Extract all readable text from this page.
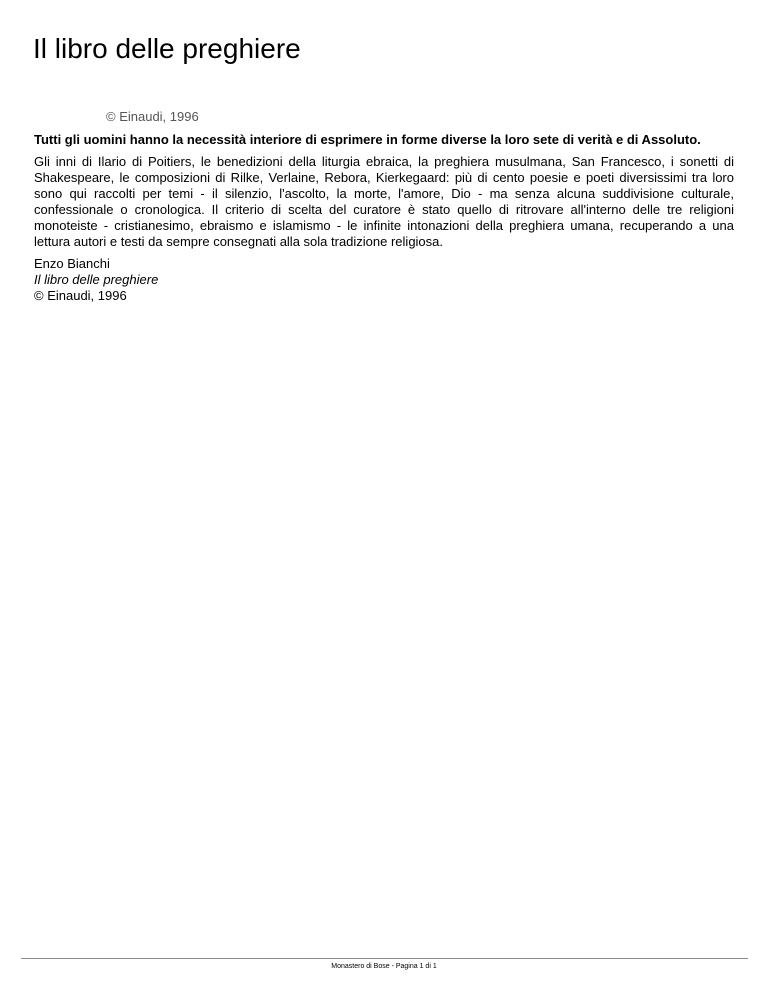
Il libro delle preghiere
© Einaudi, 1996

Tutti gli uomini hanno la necessità interiore di esprimere in forme diverse la loro sete di verità e di Assoluto.

Gli inni di Ilario di Poitiers, le benedizioni della liturgia ebraica, la preghiera musulmana, San Francesco, i sonetti di Shakespeare, le composizioni di Rilke, Verlaine, Rebora, Kierkegaard: più di cento poesie e poeti diversissimi tra loro sono qui raccolti per temi - il silenzio, l'ascolto, la morte, l'amore, Dio - ma senza alcuna suddivisione culturale, confessionale o cronologica. Il criterio di scelta del curatore è stato quello di ritrovare all'interno delle tre religioni monoteiste - cristianesimo, ebraismo e islamismo - le infinite intonazioni della preghiera umana, recuperando a una lettura autori e testi da sempre consegnati alla sola tradizione religiosa.

Enzo Bianchi
Il libro delle preghiere
© Einaudi, 1996
Monastero di Bose - Pagina 1 di 1
